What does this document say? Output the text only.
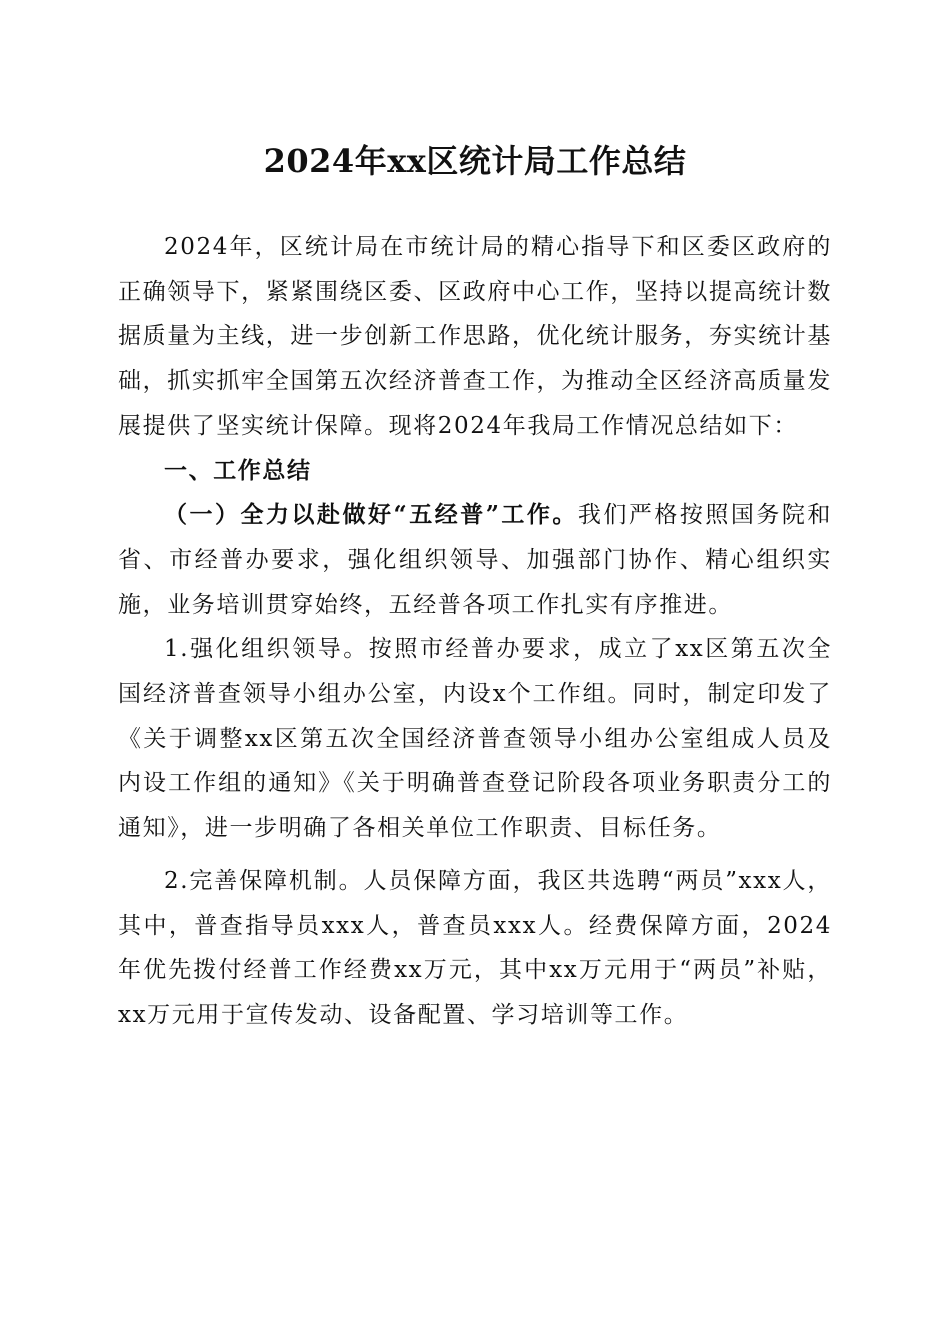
2024年xx区统计局工作总结

2024年，区统计局在市统计局的精心指导下和区委区政府的正确领导下，紧紧围绕区委、区政府中心工作，坚持以提高统计数据质量为主线，进一步创新工作思路，优化统计服务，夯实统计基础，抓实抓牢全国第五次经济普查工作，为推动全区经济高质量发展提供了坚实统计保障。现将2024年我局工作情况总结如下：

一、工作总结

（一）全力以赴做好“五经普”工作。我们严格按照国务院和省、市经普办要求，强化组织领导、加强部门协作、精心组织实施，业务培训贯穿始终，五经普各项工作扎实有序推进。

1.强化组织领导。按照市经普办要求，成立了xx区第五次全国经济普查领导小组办公室，内设x个工作组。同时，制定印发了《关于调整xx区第五次全国经济普查领导小组办公室组成人员及内设工作组的通知》《关于明确普查登记阶段各项业务职责分工的通知》，进一步明确了各相关单位工作职责、目标任务。

2.完善保障机制。人员保障方面，我区共选聘“两员”xxx人，其中，普查指导员xxx人，普查员xxx人。经费保障方面，2024年优先拨付经普工作经费xx万元，其中xx万元用于“两员”补贴，xx万元用于宣传发动、设备配置、学习培训等工作。
